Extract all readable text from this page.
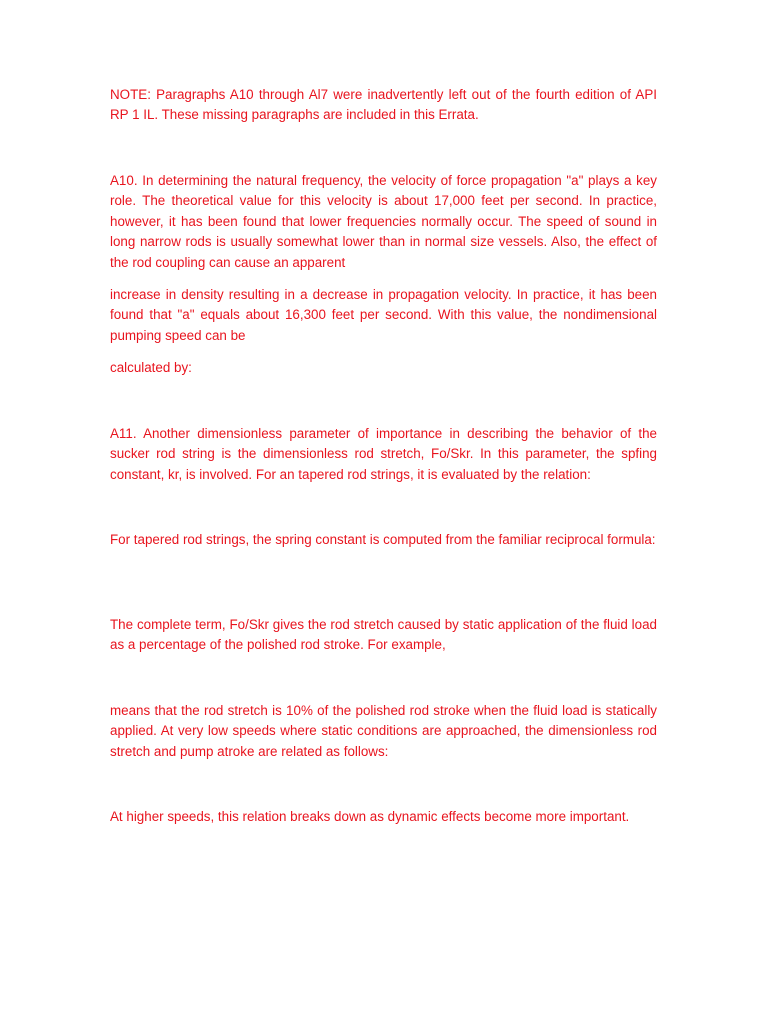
NOTE: Paragraphs A10 through Al7 were inadvertently left out of the fourth edition of API RP 1 IL. These missing paragraphs are included in this Errata.

A10. In determining the natural frequency, the velocity of force propagation "a" plays a key role. The theoretical value for this velocity is about 17,000 feet per second. In practice, however, it has been found that lower frequencies normally occur. The speed of sound in long narrow rods is usually somewhat lower than in normal size vessels. Also, the effect of the rod coupling can cause an apparent

increase in density resulting in a decrease in propagation velocity. In practice, it has been found that "a" equals about 16,300 feet per second. With this value, the nondimensional pumping speed can be

calculated by:

A11. Another dimensionless parameter of importance in describing the behavior of the sucker rod string is the dimensionless rod stretch, Fo/Skr. In this parameter, the spfing constant, kr, is involved. For an tapered rod strings, it is evaluated by the relation:

For tapered rod strings, the spring constant is computed from the familiar reciprocal formula:

The complete term, Fo/Skr gives the rod stretch caused by static application of the fluid load as a percentage of the polished rod stroke. For example,

means that the rod stretch is 10% of the polished rod stroke when the fluid load is statically applied. At very low speeds where static conditions are approached, the dimensionless rod stretch and pump atroke are related as follows:

At higher speeds, this relation breaks down as dynamic effects become more important.
